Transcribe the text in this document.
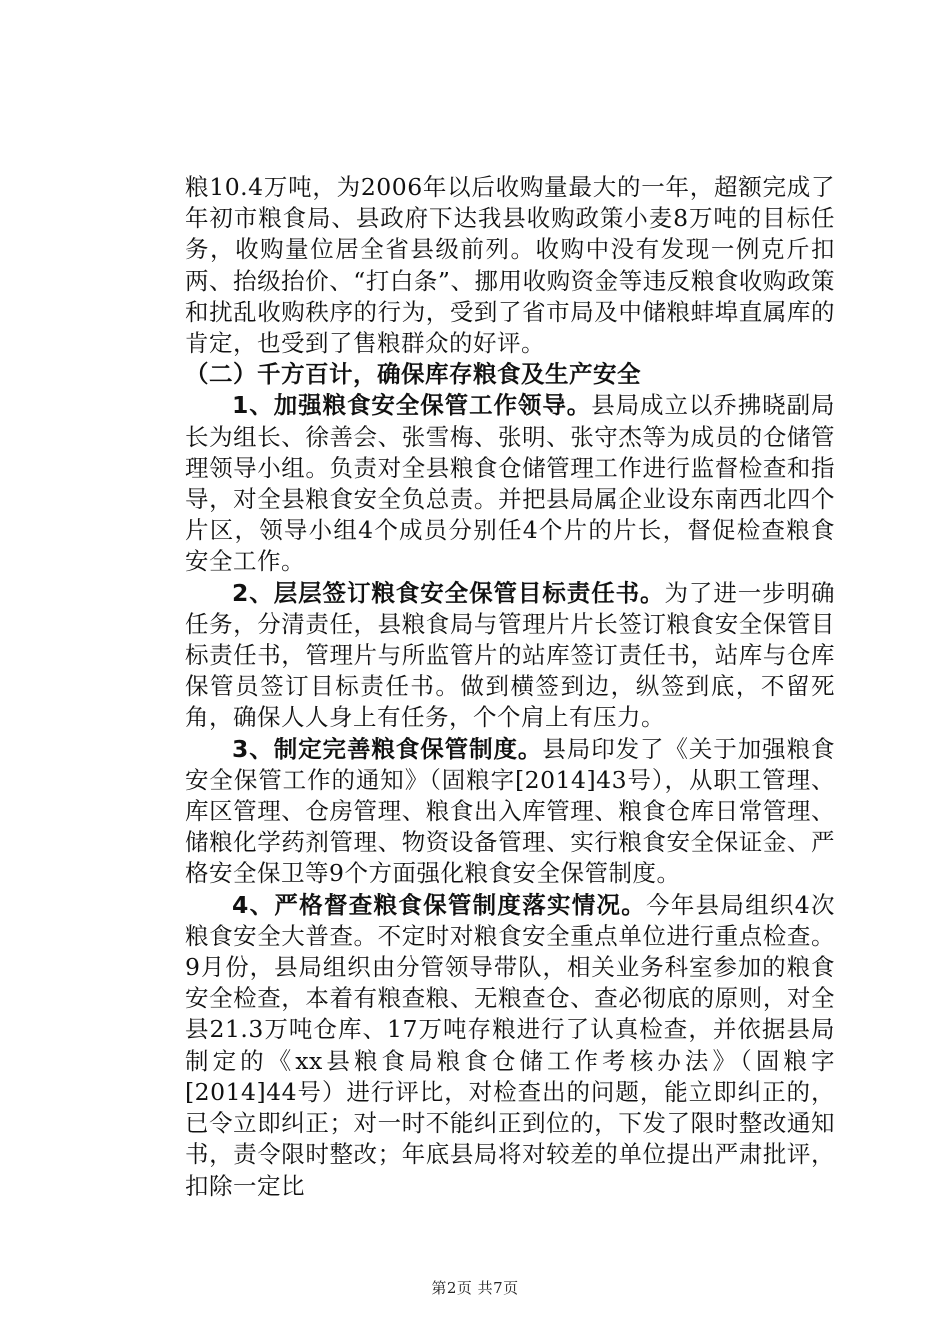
粮10.4万吨，为2006年以后收购量最大的一年，超额完成了年初市粮食局、县政府下达我县收购政策小麦8万吨的目标任务，收购量位居全省县级前列。收购中没有发现一例克斤扣两、抬级抬价、“打白条”、挪用收购资金等违反粮食收购政策和扰乱收购秩序的行为，受到了省市局及中储粮蚌埠直属库的肯定，也受到了售粮群众的好评。

（二）千方百计，确保库存粮食及生产安全

1、加强粮食安全保管工作领导。县局成立以乔拂晓副局长为组长、徐善会、张雪梅、张明、张守杰等为成员的仓储管理领导小组。负责对全县粮食仓储管理工作进行监督检查和指导，对全县粮食安全负总责。并把县局属企业设东南西北四个片区，领导小组4个成员分别任4个片的片长，督促检查粮食安全工作。

2、层层签订粮食安全保管目标责任书。为了进一步明确任务，分清责任，县粮食局与管理片片长签订粮食安全保管目标责任书，管理片与所监管片的站库签订责任书，站库与仓库保管员签订目标责任书。做到横签到边，纵签到底，不留死角，确保人人身上有任务，个个肩上有压力。

3、制定完善粮食保管制度。县局印发了《关于加强粮食安全保管工作的通知》（固粮字[2014]43号），从职工管理、库区管理、仓房管理、粮食出入库管理、粮食仓库日常管理、储粮化学药剂管理、物资设备管理、实行粮食安全保证金、严格安全保卫等9个方面强化粮食安全保管制度。

4、严格督查粮食保管制度落实情况。今年县局组织4次粮食安全大普查。不定时对粮食安全重点单位进行重点检查。9月份，县局组织由分管领导带队，相关业务科室参加的粮食安全检查，本着有粮查粮、无粮查仓、查必彻底的原则，对全县21.3万吨仓库、17万吨存粮进行了认真检查，并依据县局制定的《xx县粮食局粮食仓储工作考核办法》（固粮字[2014]44号）进行评比，对检查出的问题，能立即纠正的，已令立即纠正；对一时不能纠正到位的，下发了限时整改通知书，责令限时整改；年底县局将对较差的单位提出严肃批评，扣除一定比

第2页 共7页
